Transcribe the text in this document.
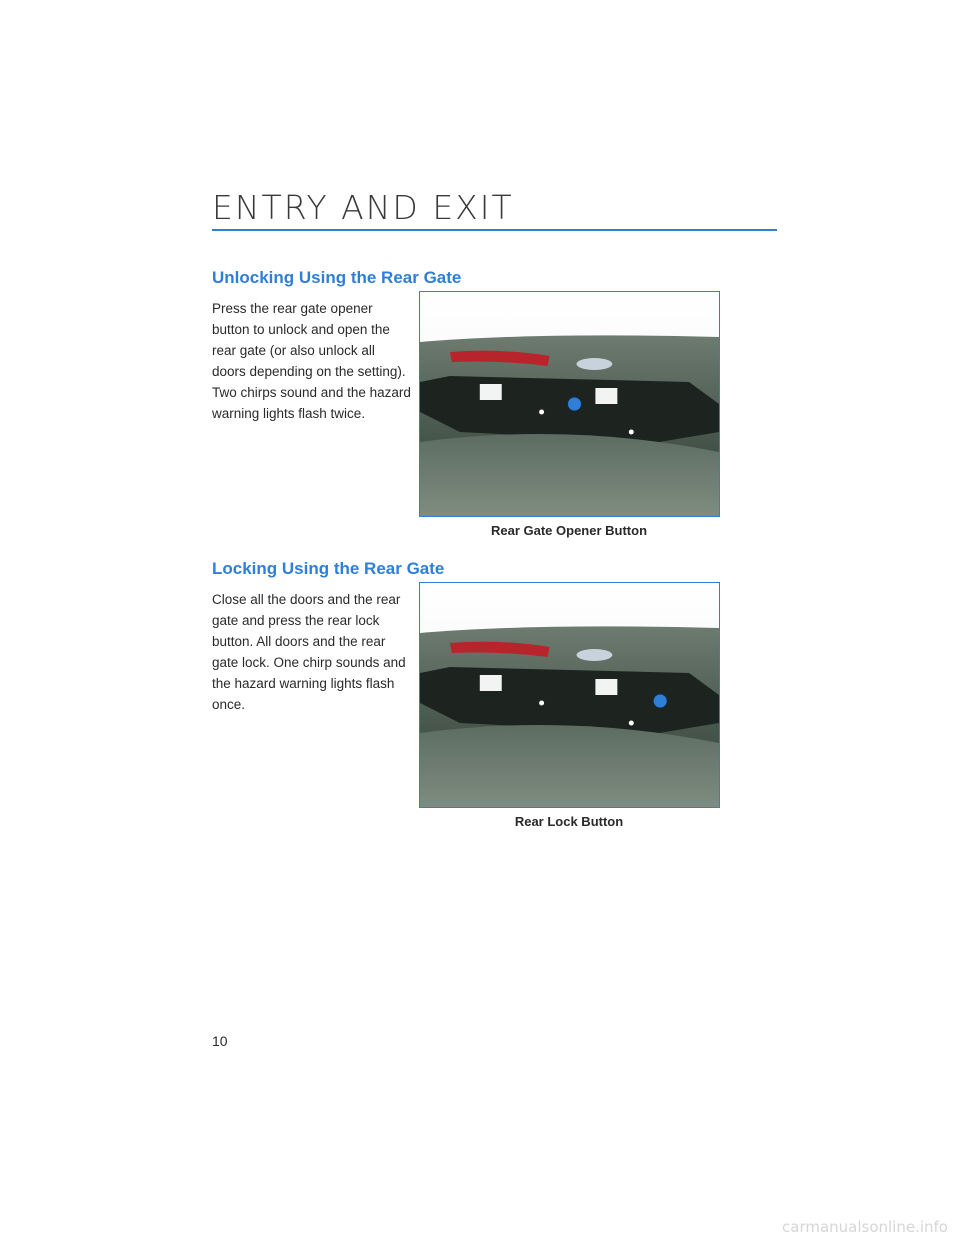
ENTRY AND EXIT
Unlocking Using the Rear Gate

Press the rear gate opener button to unlock and open the rear gate (or also unlock all doors depending on the setting). Two chirps sound and the hazard warning lights flash twice.

Rear Gate Opener Button

Locking Using the Rear Gate

Close all the doors and the rear gate and press the rear lock button. All doors and the rear gate lock. One chirp sounds and the hazard warning lights flash once.

Rear Lock Button

10

carmanualsonline.info
